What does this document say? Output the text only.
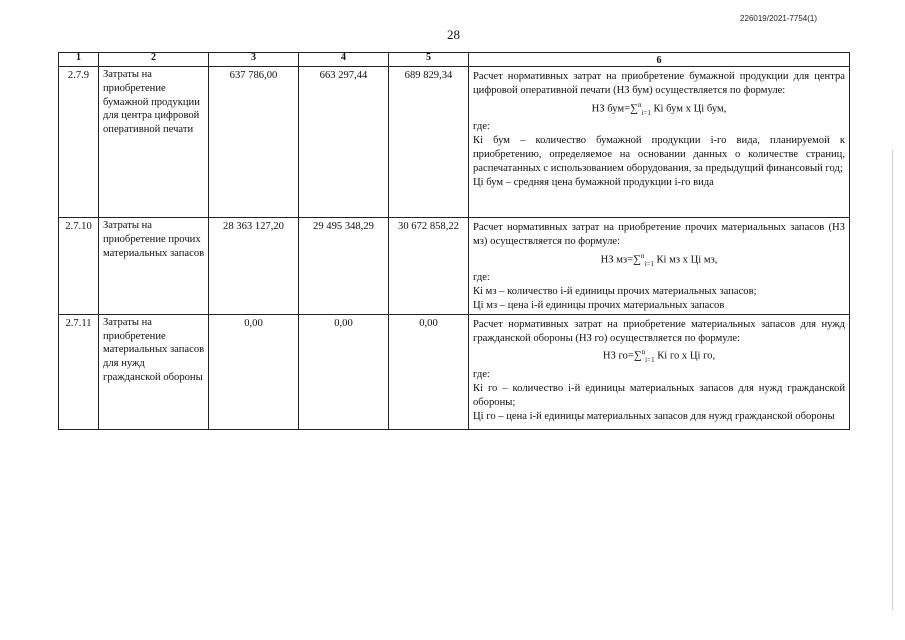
226019/2021-7754(1)
28
1	2	3	4	5	6
2.7.9	Затраты на приобретение бумажной продукции для центра цифровой оперативной печати	637 786,00	663 297,44	689 829,34	Расчет нормативных затрат на приобретение бумажной продукции для центра цифровой оперативной печати (НЗ бум) осуществляется по формуле:

НЗ бум=∑$^n_{i=1}$ Кi бум х Цi бум,

где:

Кi бум – количество бумажной продукции i-го вида, планируемой к приобретению, определяемое на основании данных о количестве страниц, распечатанных с использованием оборудования, за предыдущий финансовый год;

Цi бум – средняя цена бумажной продукции i-го вида

2.7.10	Затраты на приобретение прочих материальных запасов	28 363 127,20	29 495 348,29	30 672 858,22	Расчет нормативных затрат на приобретение прочих материальных запасов (НЗ мз) осуществляется по формуле:

НЗ мз=∑$^n_{i=1}$ Кi мз х Цi мз,

где:

Кi мз – количество i-й единицы прочих материальных запасов;

Цi мз – цена i-й единицы прочих материальных запасов

2.7.11	Затраты на приобретение материальных запасов для нужд гражданской обороны	0,00	0,00	0,00	Расчет нормативных затрат на приобретение материальных запасов для нужд гражданской обороны (НЗ го) осуществляется по формуле:

НЗ го=∑$^n_{i=1}$ Кi го х Цi го,

где:

Кi го – количество i-й единицы материальных запасов для нужд гражданской обороны;

Цi го – цена i-й единицы материальных запасов для нужд гражданской обороны
